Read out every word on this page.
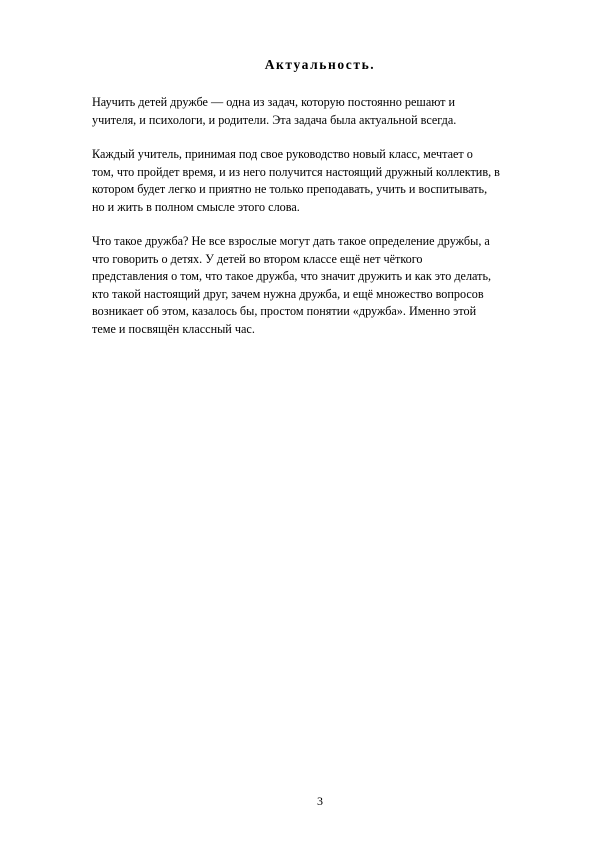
Актуальность.

Научить детей дружбе — одна из задач, которую постоянно решают и
учителя, и психологи, и родители. Эта задача была актуальной всегда.

Каждый учитель, принимая под свое руководство новый класс, мечтает о
том, что пройдет время, и из него получится настоящий дружный коллектив, в
котором будет легко и приятно не только преподавать, учить и воспитывать,
но и жить в полном смысле этого слова.

Что такое дружба? Не все взрослые могут дать такое определение дружбы, а
что говорить о детях. У детей во втором классе ещё нет чёткого
представления о том, что такое дружба, что значит дружить и как это делать,
кто такой настоящий друг, зачем нужна дружба, и ещё множество вопросов
возникает об этом, казалось бы, простом понятии «дружба». Именно этой
теме и посвящён классный час.

3
